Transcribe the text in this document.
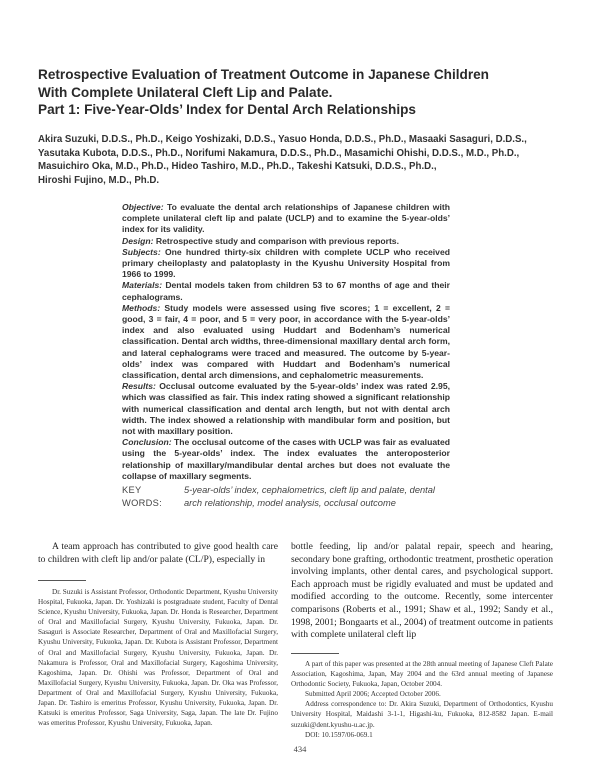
Retrospective Evaluation of Treatment Outcome in Japanese Children
With Complete Unilateral Cleft Lip and Palate.
Part 1: Five-Year-Olds’ Index for Dental Arch Relationships
Akira Suzuki, D.D.S., Ph.D., Keigo Yoshizaki, D.D.S., Yasuo Honda, D.D.S., Ph.D., Masaaki Sasaguri, D.D.S.,
Yasutaka Kubota, D.D.S., Ph.D., Norifumi Nakamura, D.D.S., Ph.D., Masamichi Ohishi, D.D.S., M.D., Ph.D.,
Masuichiro Oka, M.D., Ph.D., Hideo Tashiro, M.D., Ph.D., Takeshi Katsuki, D.D.S., Ph.D.,
Hiroshi Fujino, M.D., Ph.D.

Objective: To evaluate the dental arch relationships of Japanese children with complete unilateral cleft lip and palate (UCLP) and to examine the 5-year-olds’ index for its validity.

Design: Retrospective study and comparison with previous reports.

Subjects: One hundred thirty-six children with complete UCLP who received primary cheiloplasty and palatoplasty in the Kyushu University Hospital from 1966 to 1999.

Materials: Dental models taken from children 53 to 67 months of age and their cephalograms.

Methods: Study models were assessed using five scores; 1 = excellent, 2 = good, 3 = fair, 4 = poor, and 5 = very poor, in accordance with the 5-year-olds’ index and also evaluated using Huddart and Bodenham’s numerical classification. Dental arch widths, three-dimensional maxillary dental arch form, and lateral cephalograms were traced and measured. The outcome by 5-year-olds’ index was compared with Huddart and Bodenham’s numerical classification, dental arch dimensions, and cephalometric measurements.

Results: Occlusal outcome evaluated by the 5-year-olds’ index was rated 2.95, which was classified as fair. This index rating showed a significant relationship with numerical classification and dental arch length, but not with dental arch width. The index showed a relationship with mandibular form and position, but not with maxillary position.

Conclusion: The occlusal outcome of the cases with UCLP was fair as evaluated using the 5-year-olds’ index. The index evaluates the anteroposterior relationship of maxillary/mandibular dental arches but does not evaluate the collapse of maxillary segments.

KEY WORDS:5-year-olds’ index, cephalometrics, cleft lip and palate, dental arch relationship, model analysis, occlusal outcome

A team approach has contributed to give good health care to children with cleft lip and/or palate (CL/P), especially in

Dr. Suzuki is Assistant Professor, Orthodontic Department, Kyushu University Hospital, Fukuoka, Japan. Dr. Yoshizaki is postgraduate student, Faculty of Dental Science, Kyushu University, Fukuoka, Japan. Dr. Honda is Researcher, Department of Oral and Maxillofacial Surgery, Kyushu University, Fukuoka, Japan. Dr. Sasaguri is Associate Researcher, Department of Oral and Maxillofacial Surgery, Kyushu University, Fukuoka, Japan. Dr. Kubota is Assistant Professor, Department of Oral and Maxillofacial Surgery, Kyushu University, Fukuoka, Japan. Dr. Nakamura is Professor, Oral and Maxillofacial Surgery, Kagoshima University, Kagoshima, Japan. Dr. Ohishi was Professor, Department of Oral and Maxillofacial Surgery, Kyushu University, Fukuoka, Japan. Dr. Oka was Professor, Department of Oral and Maxillofacial Surgery, Kyushu University, Fukuoka, Japan. Dr. Tashiro is emeritus Professor, Kyushu University, Fukuoka, Japan. Dr. Katsuki is emeritus Professor, Saga University, Saga, Japan. The late Dr. Fujino was emeritus Professor, Kyushu University, Fukuoka, Japan.

bottle feeding, lip and/or palatal repair, speech and hearing, secondary bone grafting, orthodontic treatment, prosthetic operation involving implants, other dental cares, and psychological support. Each approach must be rigidly evaluated and must be updated and modified according to the outcome. Recently, some intercenter comparisons (Roberts et al., 1991; Shaw et al., 1992; Sandy et al., 1998, 2001; Bongaarts et al., 2004) of treatment outcome in patients with complete unilateral cleft lip

A part of this paper was presented at the 28th annual meeting of Japanese Cleft Palate Association, Kagoshima, Japan, May 2004 and the 63rd annual meeting of Japanese Orthodontic Society, Fukuoka, Japan, October 2004.

Submitted April 2006; Accepted October 2006.

Address correspondence to: Dr. Akira Suzuki, Department of Orthodontics, Kyushu University Hospital, Maidashi 3-1-1, Higashi-ku, Fukuoka, 812-8582 Japan. E-mail suzuki@dent.kyushu-u.ac.jp.

DOI: 10.1597/06-069.1

434
